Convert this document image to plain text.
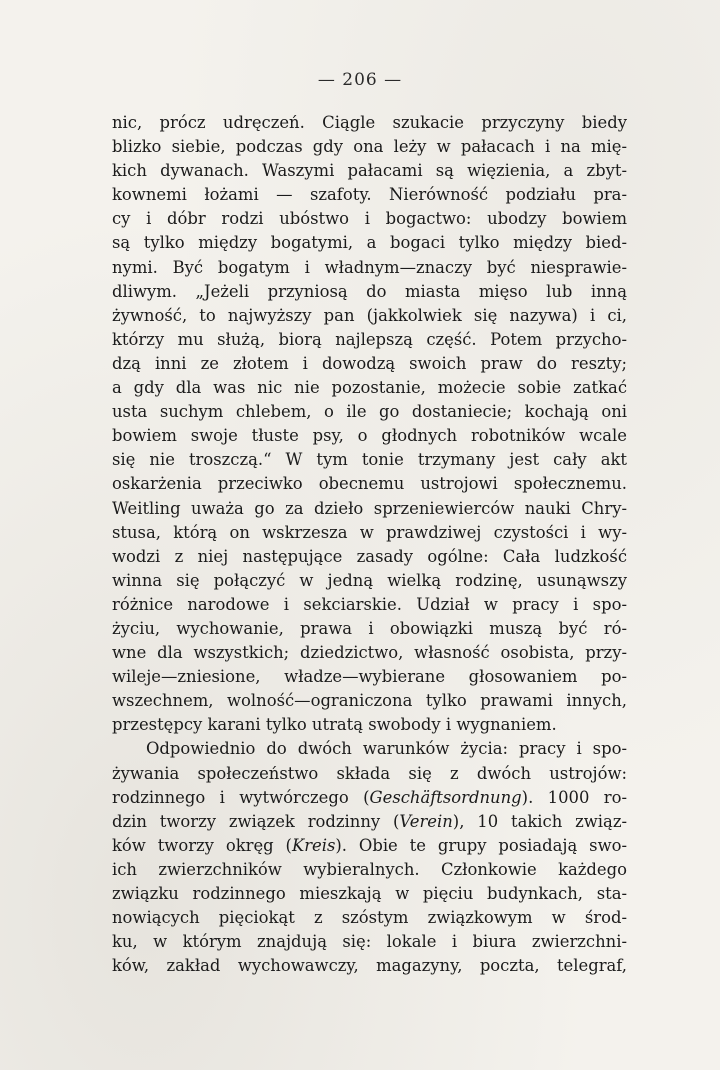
— 206 —
nic, prócz udręczeń. Ciągle szukacie przyczyny biedy
blizko siebie, podczas gdy ona leży w pałacach i na mię-
kich dywanach. Waszymi pałacami są więzienia, a zbyt-
kownemi łożami — szafoty. Nierówność podziału pra-
cy i dóbr rodzi ubóstwo i bogactwo: ubodzy bowiem
są tylko między bogatymi, a bogaci tylko między bied-
nymi. Być bogatym i władnym—znaczy być niesprawie-
dliwym. „Jeżeli przyniosą do miasta mięso lub inną
żywność, to najwyższy pan (jakkolwiek się nazywa) i ci,
którzy mu służą, biorą najlepszą część. Potem przycho-
dzą inni ze złotem i dowodzą swoich praw do reszty;
a gdy dla was nic nie pozostanie, możecie sobie zatkać
usta suchym chlebem, o ile go dostaniecie; kochają oni
bowiem swoje tłuste psy, o głodnych robotników wcale
się nie troszczą.“ W tym tonie trzymany jest cały akt
oskarżenia przeciwko obecnemu ustrojowi społecznemu.
Weitling uważa go za dzieło sprzeniewierców nauki Chry-
stusa, którą on wskrzesza w prawdziwej czystości i wy-
wodzi z niej następujące zasady ogólne: Cała ludzkość
winna się połączyć w jedną wielką rodzinę, usunąwszy
różnice narodowe i sekciarskie. Udział w pracy i spo-
życiu, wychowanie, prawa i obowiązki muszą być ró-
wne dla wszystkich; dziedzictwo, własność osobista, przy-
wileje—zniesione, władze—wybierane głosowaniem po-
wszechnem, wolność—ograniczona tylko prawami innych,
przestępcy karani tylko utratą swobody i wygnaniem.
Odpowiednio do dwóch warunków życia: pracy i spo-
żywania społeczeństwo składa się z dwóch ustrojów:
rodzinnego i wytwórczego (Geschäftsordnung). 1000 ro-
dzin tworzy związek rodzinny (Verein), 10 takich związ-
ków tworzy okręg (Kreis). Obie te grupy posiadają swo-
ich zwierzchników wybieralnych. Członkowie każdego
związku rodzinnego mieszkają w pięciu budynkach, sta-
nowiących pięciokąt z szóstym związkowym w środ-
ku, w którym znajdują się: lokale i biura zwierzchni-
ków, zakład wychowawczy, magazyny, poczta, telegraf,
